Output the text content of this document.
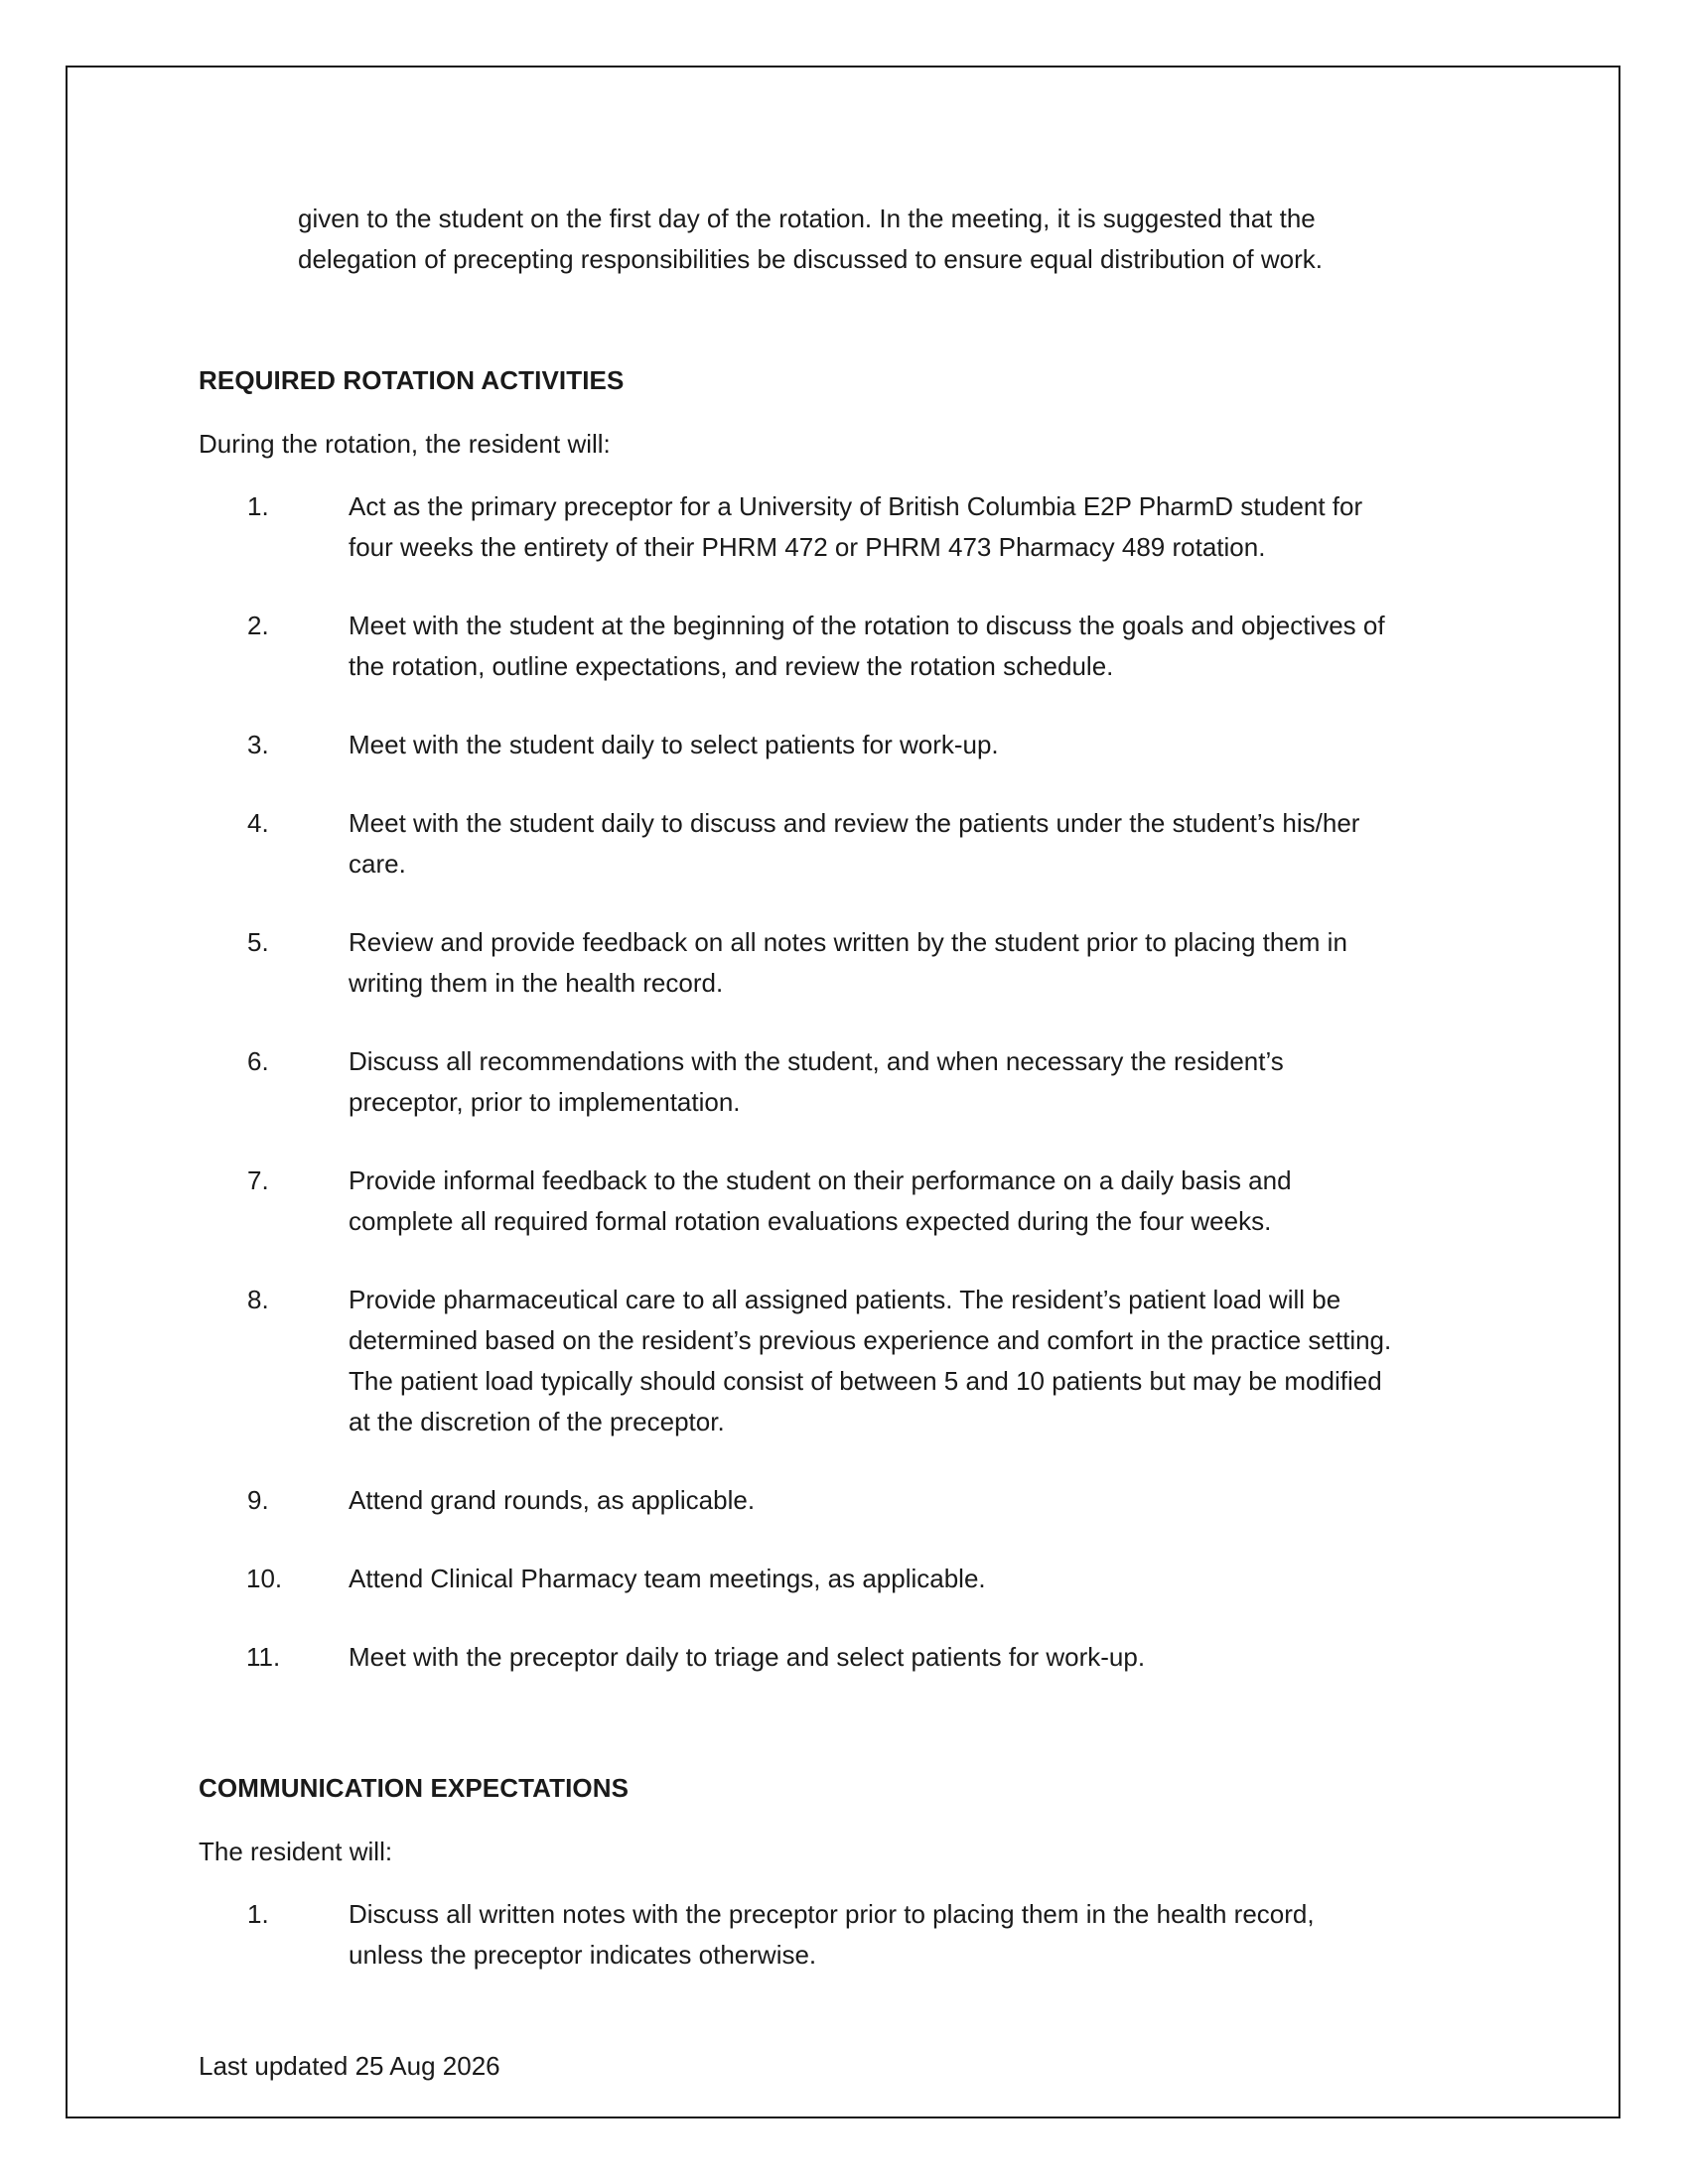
given to the student on the first day of the rotation. In the meeting, it is suggested that the

delegation of precepting responsibilities be discussed to ensure equal distribution of work.

REQUIRED ROTATION ACTIVITIES
During the rotation, the resident will:
1.	Act as the primary preceptor for a University of British Columbia E2P PharmD student for
four weeks the entirety of their PHRM 472 or PHRM 473 Pharmacy 489 rotation.
2.	Meet with the student at the beginning of the rotation to discuss the goals and objectives of
the rotation, outline expectations, and review the rotation schedule.
3.	Meet with the student daily to select patients for work-up.
4.	Meet with the student daily to discuss and review the patients under the student’s his/her
care.
5.	Review and provide feedback on all notes written by the student prior to placing them in
writing them in the health record.
6.	Discuss all recommendations with the student, and when necessary the resident’s
preceptor, prior to implementation.
7.	Provide informal feedback to the student on their performance on a daily basis and
complete all required formal rotation evaluations expected during the four weeks.
8.	Provide pharmaceutical care to all assigned patients. The resident’s patient load will be
determined based on the resident’s previous experience and comfort in the practice setting.
The patient load typically should consist of between 5 and 10 patients but may be modified
at the discretion of the preceptor.
9.	Attend grand rounds, as applicable.
10.	Attend Clinical Pharmacy team meetings, as applicable.
11.	Meet with the preceptor daily to triage and select patients for work-up.
COMMUNICATION EXPECTATIONS
The resident will:
1.	Discuss all written notes with the preceptor prior to placing them in the health record,
unless the preceptor indicates otherwise.
Last updated 25 Aug 2026
